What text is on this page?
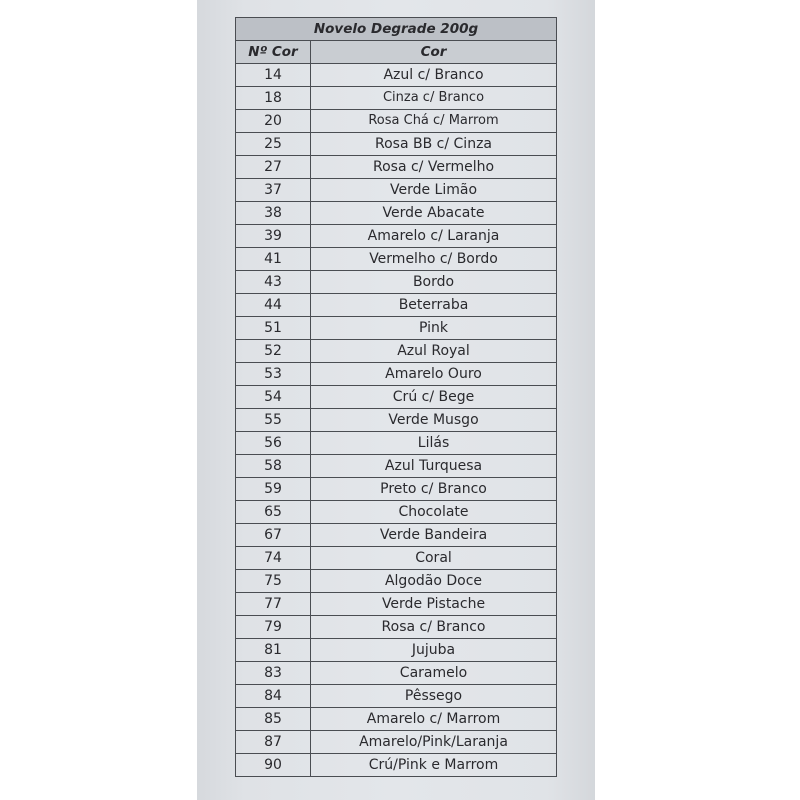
Novelo Degrade 200g	
Nº Cor	Cor
14	Azul c/ Branco
18	Cinza c/ Branco
20	Rosa Chá c/ Marrom
25	Rosa BB c/ Cinza
27	Rosa c/ Vermelho
37	Verde Limão
38	Verde Abacate
39	Amarelo c/ Laranja
41	Vermelho c/ Bordo
43	Bordo
44	Beterraba
51	Pink
52	Azul Royal
53	Amarelo Ouro
54	Crú c/ Bege
55	Verde Musgo
56	Lilás
58	Azul Turquesa
59	Preto c/ Branco
65	Chocolate
67	Verde Bandeira
74	Coral
75	Algodão Doce
77	Verde Pistache
79	Rosa c/ Branco
81	Jujuba
83	Caramelo
84	Pêssego
85	Amarelo c/ Marrom
87	Amarelo/Pink/Laranja
90	Crú/Pink e Marrom
